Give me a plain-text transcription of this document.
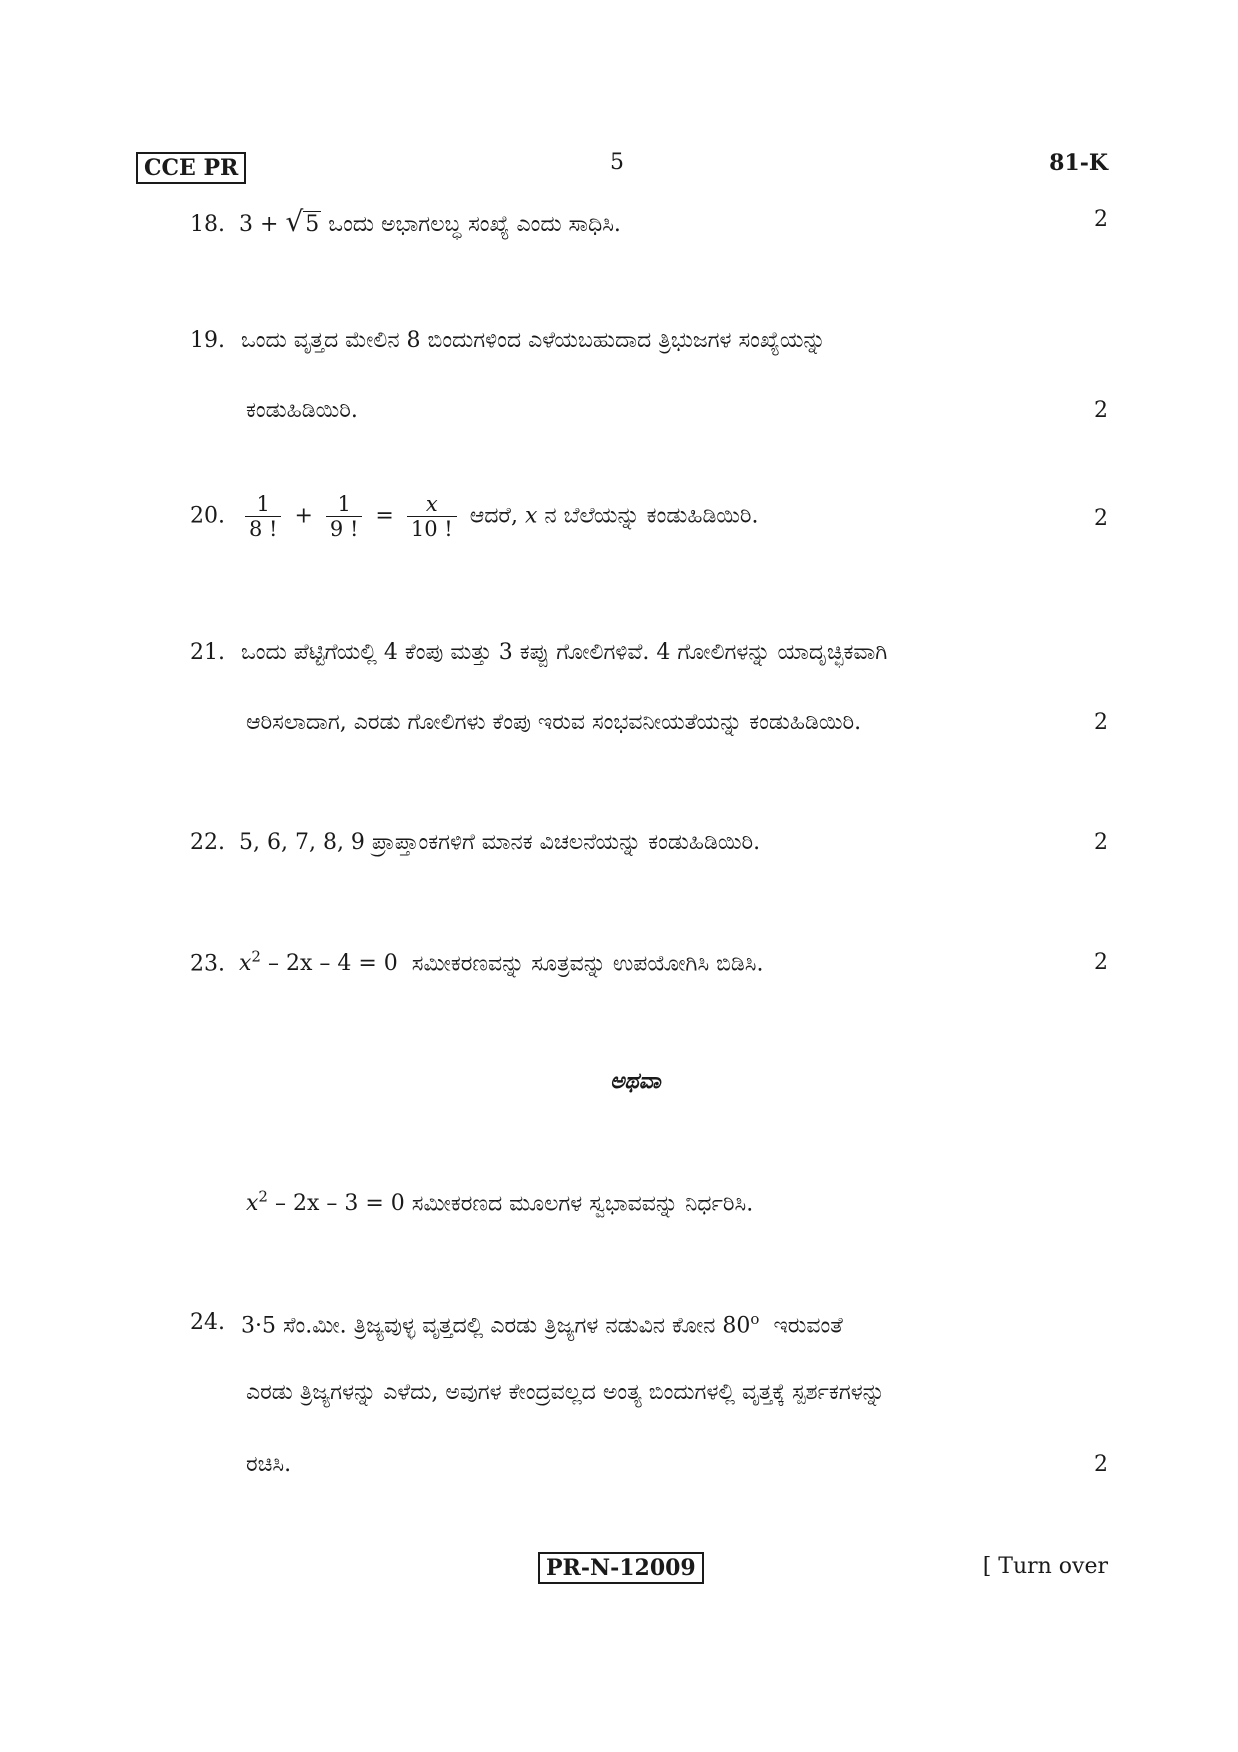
CCE PR	5	81-K
18. 3 + √5 ಒಂದು ಅಭಾಗಲಬ್ಧ ಸಂಖ್ಯೆ ಎಂದು ಸಾಧಿಸಿ.	2
19. ಒಂದು ವೃತ್ತದ ಮೇಲಿನ 8 ಬಿಂದುಗಳಿಂದ ಎಳೆಯಬಹುದಾದ ತ್ರಿಭುಜಗಳ ಸಂಖ್ಯೆಯನ್ನು
ಕಂಡುಹಿಡಿಯಿರಿ.	2
20. $\frac{1}{8 !} + \frac{1}{9 !} = \frac{x}{10 !}$ ಆದರೆ, x ನ ಬೆಲೆಯನ್ನು ಕಂಡುಹಿಡಿಯಿರಿ.	2
21. ಒಂದು ಪೆಟ್ಟಿಗೆಯಲ್ಲಿ 4 ಕೆಂಪು ಮತ್ತು 3 ಕಪ್ಪು ಗೋಲಿಗಳಿವೆ. 4 ಗೋಲಿಗಳನ್ನು ಯಾದೃಚ್ಛಿಕವಾಗಿ
ಆರಿಸಲಾದಾಗ, ಎರಡು ಗೋಲಿಗಳು ಕೆಂಪು ಇರುವ ಸಂಭವನೀಯತೆಯನ್ನು ಕಂಡುಹಿಡಿಯಿರಿ.	2
22. 5, 6, 7, 8, 9 ಪ್ರಾಪ್ತಾಂಕಗಳಿಗೆ ಮಾನಕ ವಿಚಲನೆಯನ್ನು ಕಂಡುಹಿಡಿಯಿರಿ.	2
23. $x^2 - 2x - 4 = 0$ ಸಮೀಕರಣವನ್ನು ಸೂತ್ರವನ್ನು ಉಪಯೋಗಿಸಿ ಬಿಡಿಸಿ.	2
ಅಥವಾ
$x^2 - 2x - 3 = 0$ ಸಮೀಕರಣದ ಮೂಲಗಳ ಸ್ವಭಾವವನ್ನು ನಿರ್ಧರಿಸಿ.
24. 3·5 ಸೆಂ.ಮೀ. ತ್ರಿಜ್ಯವುಳ್ಳ ವೃತ್ತದಲ್ಲಿ ಎರಡು ತ್ರಿಜ್ಯಗಳ ನಡುವಿನ ಕೋನ 80$^o$ ಇರುವಂತೆ
ಎರಡು ತ್ರಿಜ್ಯಗಳನ್ನು ಎಳೆದು, ಅವುಗಳ ಕೇಂದ್ರವಲ್ಲದ ಅಂತ್ಯ ಬಿಂದುಗಳಲ್ಲಿ ವೃತ್ತಕ್ಕೆ ಸ್ಪರ್ಶಕಗಳನ್ನು
ರಚಿಸಿ.	2
PR-N-12009	[ Turn over
